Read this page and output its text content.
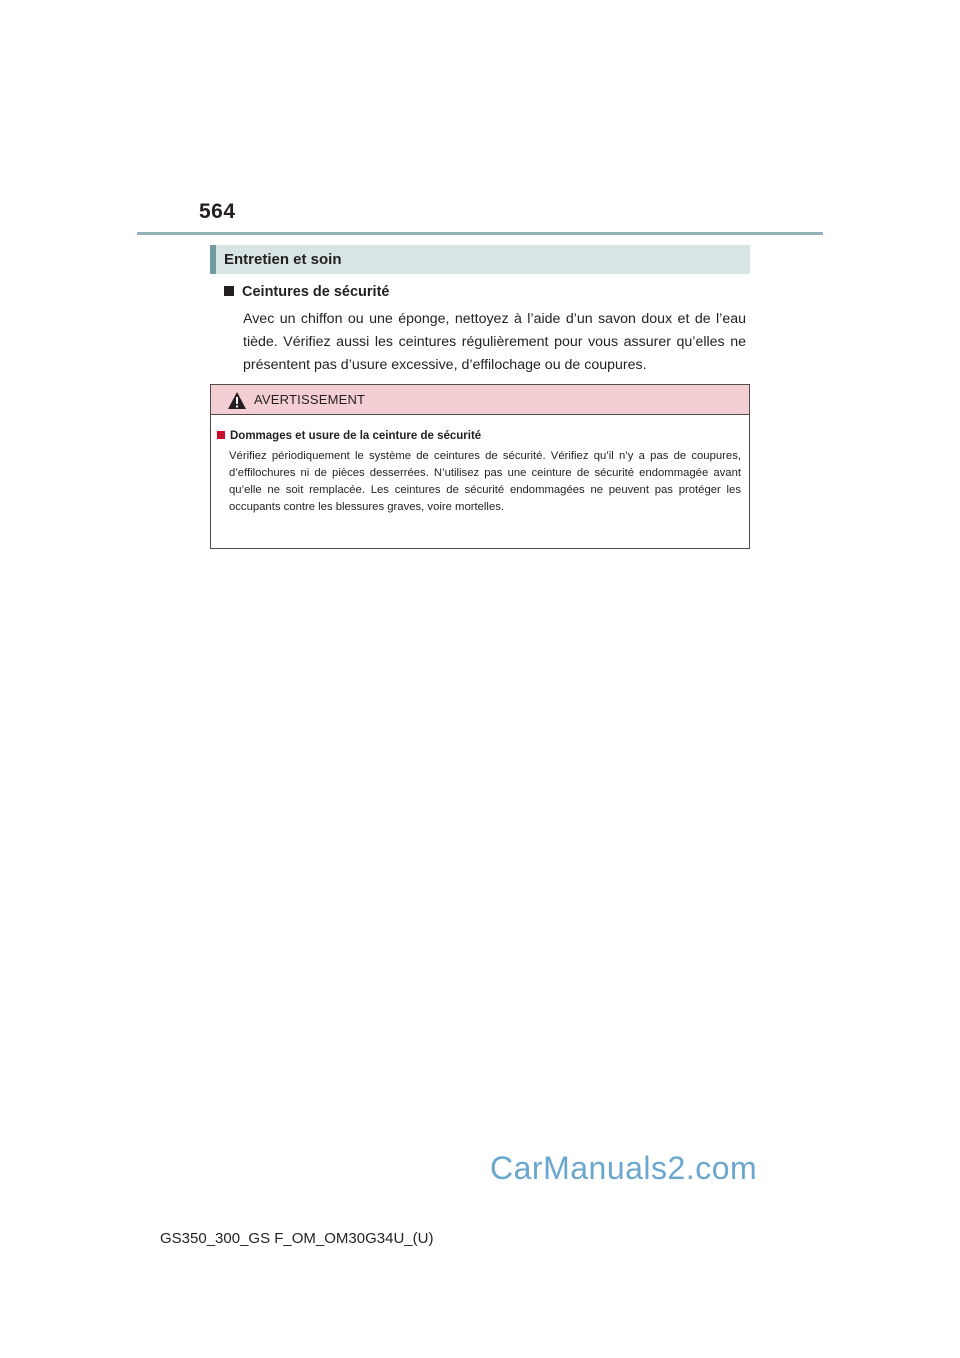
564
Entretien et soin
Ceintures de sécurité
Avec un chiffon ou une éponge, nettoyez à l’aide d’un savon doux et de l’eau tiède. Vérifiez aussi les ceintures régulièrement pour vous assurer qu’elles ne présentent pas d’usure excessive, d’effilochage ou de coupures.
AVERTISSEMENT
Dommages et usure de la ceinture de sécurité
Vérifiez périodiquement le système de ceintures de sécurité. Vérifiez qu’il n’y a pas de coupures, d’effilochures ni de pièces desserrées. N’utilisez pas une ceinture de sécurité endommagée avant qu’elle ne soit remplacée. Les ceintures de sécurité endommagées ne peuvent pas protéger les occupants contre les blessures graves, voire mortelles.
CarManuals2.com
GS350_300_GS F_OM_OM30G34U_(U)
